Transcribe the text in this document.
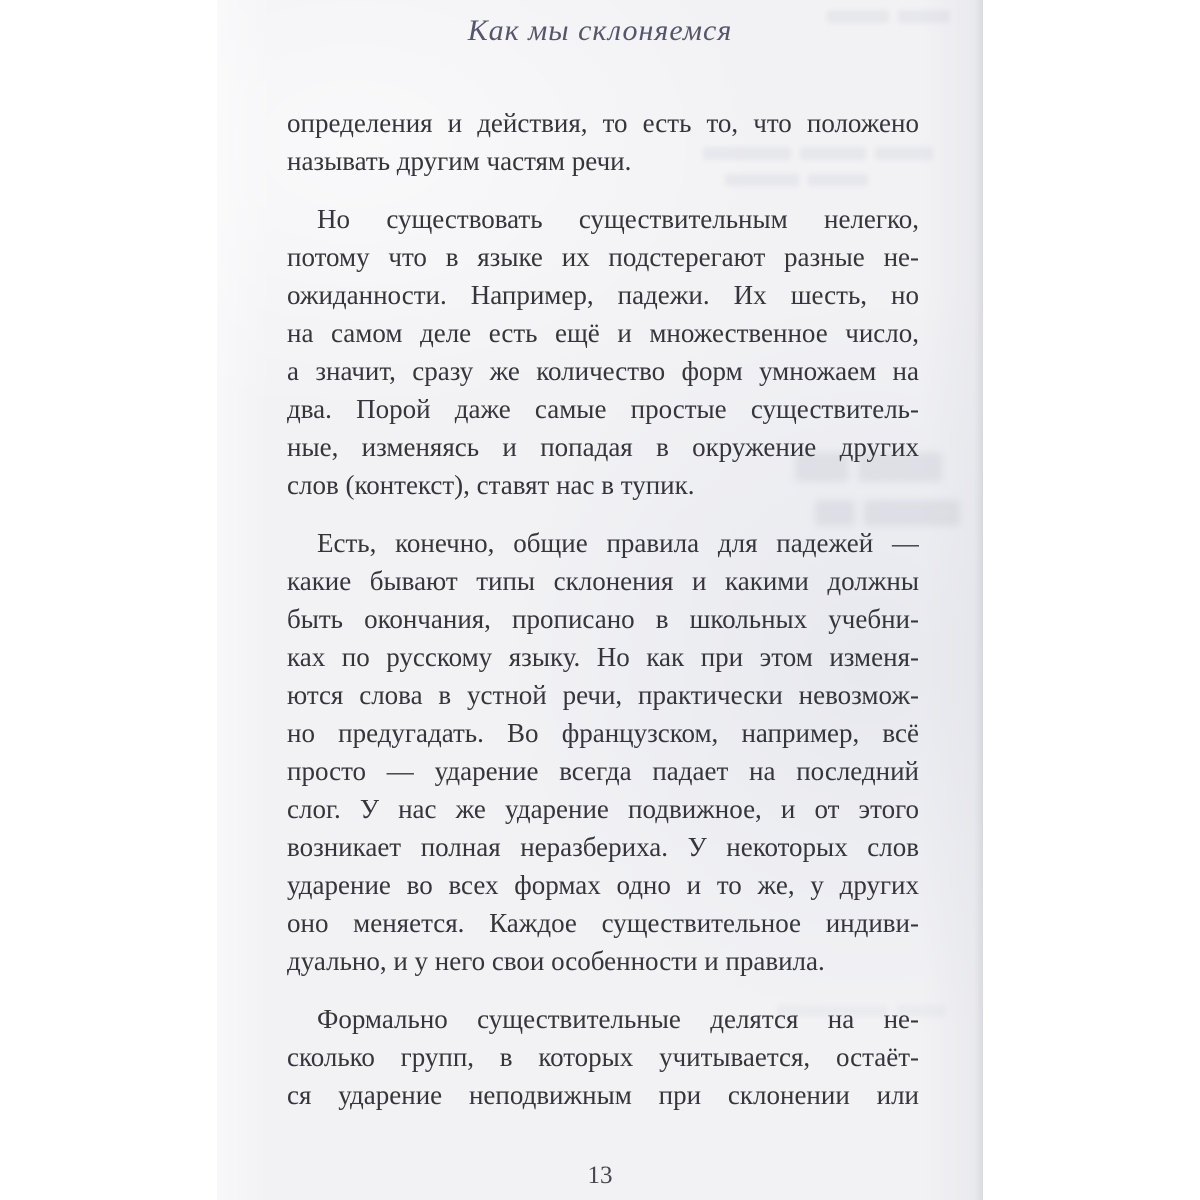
Как мы склоняемся
определения и действия, то есть то, что положено
называть другим частям речи.
Но существовать существительным нелегко,
потому что в языке их подстерегают разные не-
ожиданности. Например, падежи. Их шесть, но
на самом деле есть ещё и множественное число,
а значит, сразу же количество форм умножаем на
два. Порой даже самые простые существитель-
ные, изменяясь и попадая в окружение других
слов (контекст), ставят нас в тупик.
Есть, конечно, общие правила для падежей —
какие бывают типы склонения и какими должны
быть окончания, прописано в школьных учебни-
ках по русскому языку. Но как при этом изменя-
ются слова в устной речи, практически невозмож-
но предугадать. Во французском, например, всё
просто — ударение всегда падает на последний
слог. У нас же ударение подвижное, и от этого
возникает полная неразбериха. У некоторых слов
ударение во всех формах одно и то же, у других
оно меняется. Каждое существительное индиви-
дуально, и у него свои особенности и правила.
Формально существительные делятся на не-
сколько групп, в которых учитывается, остаёт-
ся ударение неподвижным при склонении или
13
